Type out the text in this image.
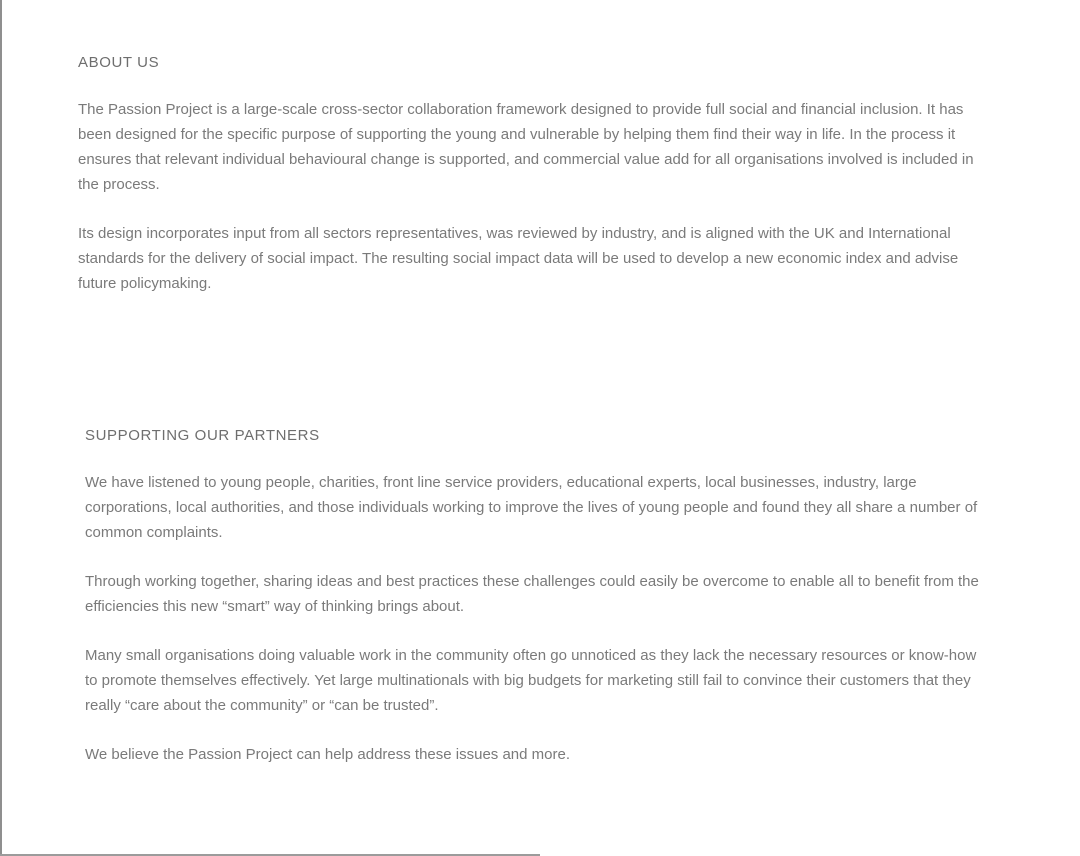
ABOUT US

The Passion Project is a large-scale cross-sector collaboration framework designed to provide full social and financial inclusion. It has been designed for the specific purpose of supporting the young and vulnerable by helping them find their way in life. In the process it ensures that relevant individual behavioural change is supported, and commercial value add for all organisations involved is included in the process.

Its design incorporates input from all sectors representatives, was reviewed by industry, and is aligned with the UK and International standards for the delivery of social impact. The resulting social impact data will be used to develop a new economic index and advise future policymaking.

SUPPORTING OUR PARTNERS

We have listened to young people, charities, front line service providers, educational experts, local businesses, industry, large corporations, local authorities, and those individuals working to improve the lives of young people and found they all share a number of common complaints.

Through working together, sharing ideas and best practices these challenges could easily be overcome to enable all to benefit from the efficiencies this new “smart” way of thinking brings about.

Many small organisations doing valuable work in the community often go unnoticed as they lack the necessary resources or know-how to promote themselves effectively. Yet large multinationals with big budgets for marketing still fail to convince their customers that they really “care about the community” or “can be trusted”.

We believe the Passion Project can help address these issues and more.
